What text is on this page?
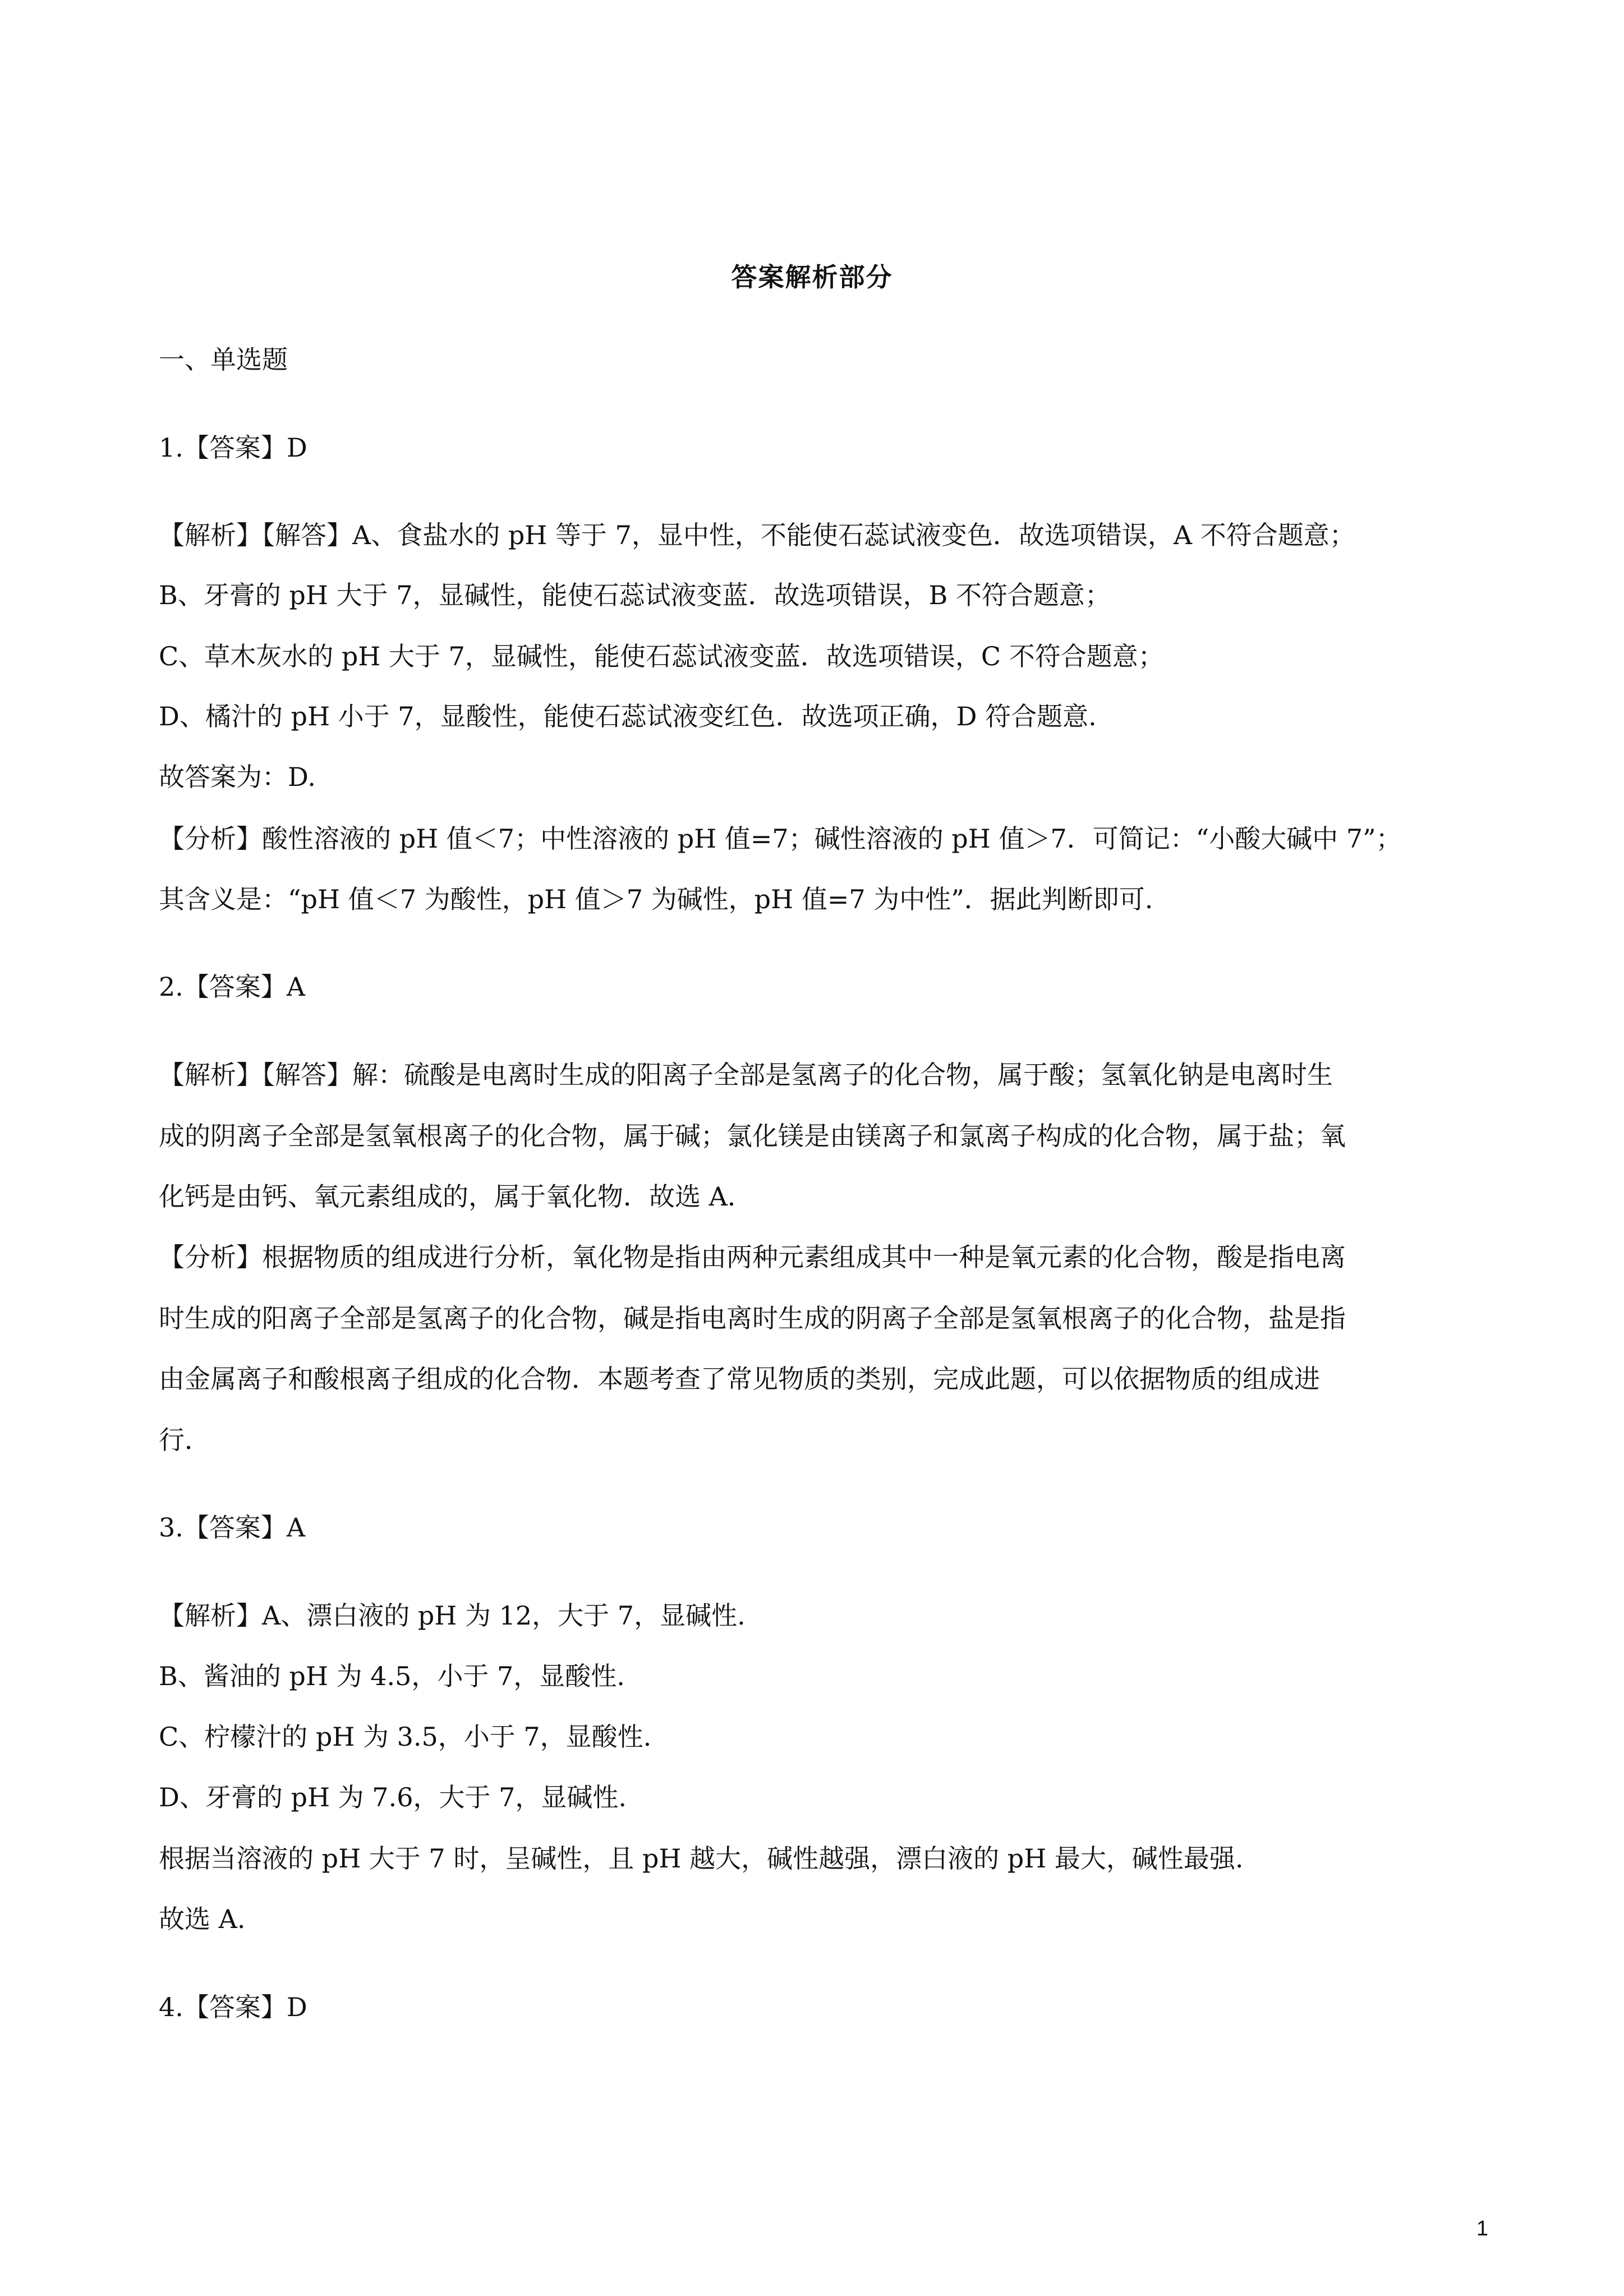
答案解析部分
一、单选题
1.【答案】D
【解析】【解答】A、食盐水的 pH 等于 7，显中性，不能使石蕊试液变色．故选项错误，A 不符合题意；
B、牙膏的 pH 大于 7，显碱性，能使石蕊试液变蓝．故选项错误，B 不符合题意；
C、草木灰水的 pH 大于 7，显碱性，能使石蕊试液变蓝．故选项错误，C 不符合题意；
D、橘汁的 pH 小于 7，显酸性，能使石蕊试液变红色．故选项正确，D 符合题意.
故答案为：D.
【分析】酸性溶液的 pH 值＜7；中性溶液的 pH 值=7；碱性溶液的 pH 值＞7．可简记：“小酸大碱中 7”；
其含义是：“pH 值＜7 为酸性，pH 值＞7 为碱性，pH 值=7 为中性”．据此判断即可.
2.【答案】A
【解析】【解答】解：硫酸是电离时生成的阳离子全部是氢离子的化合物，属于酸；氢氧化钠是电离时生
成的阴离子全部是氢氧根离子的化合物，属于碱；氯化镁是由镁离子和氯离子构成的化合物，属于盐；氧
化钙是由钙、氧元素组成的，属于氧化物．故选 A．
【分析】根据物质的组成进行分析，氧化物是指由两种元素组成其中一种是氧元素的化合物，酸是指电离
时生成的阳离子全部是氢离子的化合物，碱是指电离时生成的阴离子全部是氢氧根离子的化合物，盐是指
由金属离子和酸根离子组成的化合物．本题考查了常见物质的类别，完成此题，可以依据物质的组成进
行．
3.【答案】A
【解析】A、漂白液的 pH 为 12，大于 7，显碱性.
B、酱油的 pH 为 4.5，小于 7，显酸性.
C、柠檬汁的 pH 为 3.5，小于 7，显酸性.
D、牙膏的 pH 为 7.6，大于 7，显碱性.
根据当溶液的 pH 大于 7 时，呈碱性，且 pH 越大，碱性越强，漂白液的 pH 最大，碱性最强.
故选 A.
4.【答案】D
1
